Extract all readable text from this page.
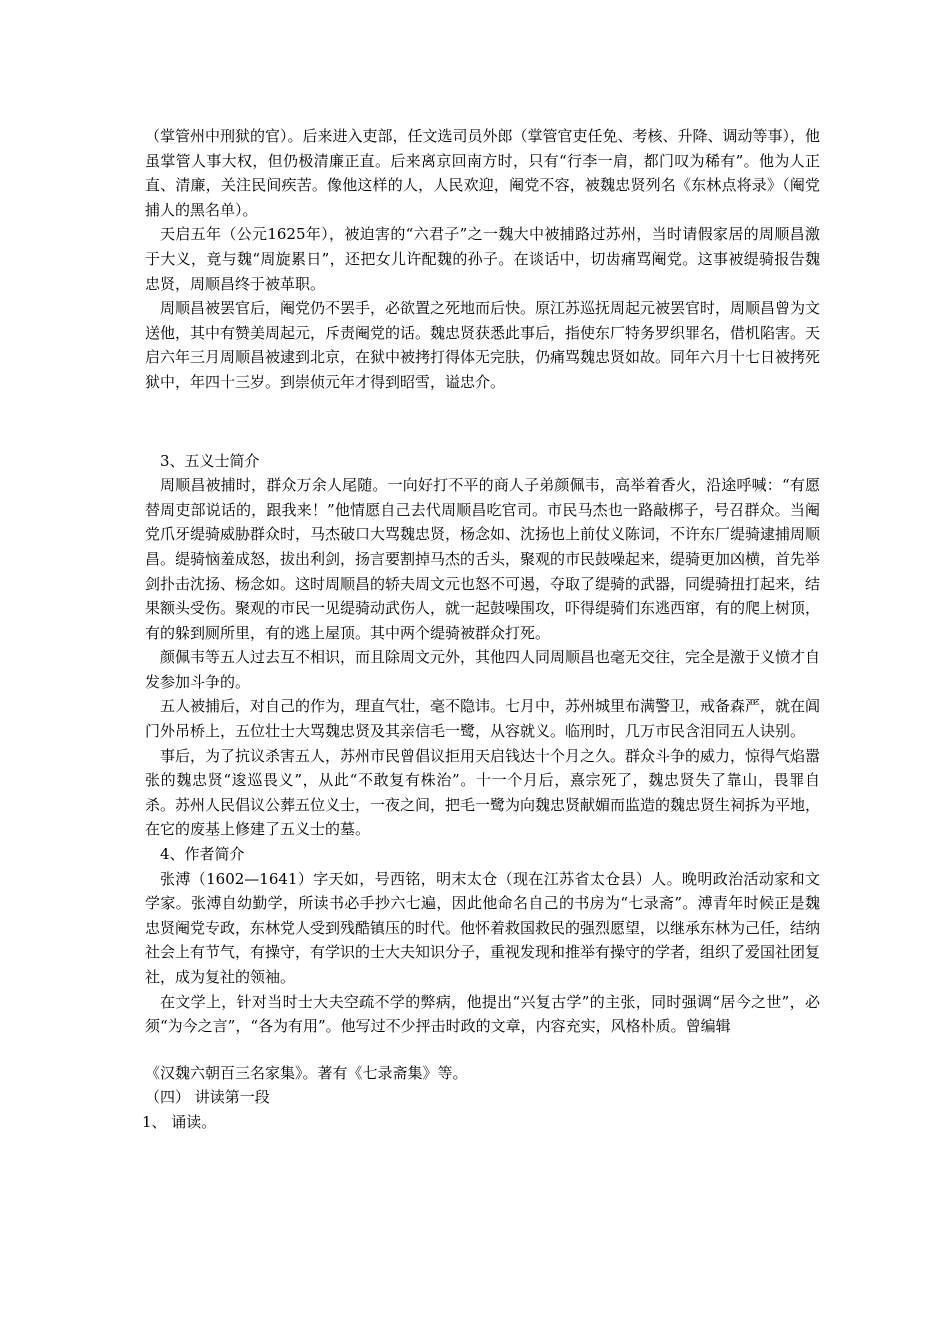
（掌管州中刑狱的官）。后来进入吏部，任文选司员外郎（掌管官吏任免、考核、升降、调动等事），他虽掌管人事大权，但仍极清廉正直。后来离京回南方时，只有“行李一肩，都门叹为稀有”。他为人正直、清廉，关注民间疾苦。像他这样的人，人民欢迎，阉党不容，被魏忠贤列名《东林点将录》（阉党捕人的黑名单）。

天启五年（公元1625年），被迫害的“六君子”之一魏大中被捕路过苏州，当时请假家居的周顺昌激于大义，竟与魏“周旋累日”，还把女儿许配魏的孙子。在谈话中，切齿痛骂阉党。这事被缇骑报告魏忠贤，周顺昌终于被革职。

周顺昌被罢官后，阉党仍不罢手，必欲置之死地而后快。原江苏巡抚周起元被罢官时，周顺昌曾为文送他，其中有赞美周起元，斥责阉党的话。魏忠贤获悉此事后，指使东厂特务罗织罪名，借机陷害。天启六年三月周顺昌被逮到北京，在狱中被拷打得体无完肤，仍痛骂魏忠贤如故。同年六月十七日被拷死狱中，年四十三岁。到崇侦元年才得到昭雪，谥忠介。

3、五义士简介

周顺昌被捕时，群众万余人尾随。一向好打不平的商人子弟颜佩韦，高举着香火，沿途呼喊：“有愿替周吏部说话的，跟我来！”他情愿自己去代周顺昌吃官司。市民马杰也一路敲梆子，号召群众。当阉党爪牙缇骑威胁群众时，马杰破口大骂魏忠贤，杨念如、沈扬也上前仗义陈词，不许东厂缇骑逮捕周顺昌。缇骑恼羞成怒，拔出利剑，扬言要割掉马杰的舌头，聚观的市民鼓噪起来，缇骑更加凶横，首先举剑扑击沈扬、杨念如。这时周顺昌的轿夫周文元也怒不可遏，夺取了缇骑的武器，同缇骑扭打起来，结果额头受伤。聚观的市民一见缇骑动武伤人，就一起鼓噪围攻，吓得缇骑们东逃西窜，有的爬上树顶，有的躲到厕所里，有的逃上屋顶。其中两个缇骑被群众打死。

颜佩韦等五人过去互不相识，而且除周文元外，其他四人同周顺昌也毫无交往，完全是激于义愤才自发参加斗争的。

五人被捕后，对自己的作为，理直气壮，毫不隐讳。七月中，苏州城里布满警卫，戒备森严，就在阊门外吊桥上，五位壮士大骂魏忠贤及其亲信毛一鹭，从容就义。临刑时，几万市民含泪同五人诀别。

事后，为了抗议杀害五人，苏州市民曾倡议拒用天启钱达十个月之久。群众斗争的威力，惊得气焰嚣张的魏忠贤“逡巡畏义”，从此“不敢复有株治”。十一个月后，熹宗死了，魏忠贤失了靠山，畏罪自杀。苏州人民倡议公葬五位义士，一夜之间，把毛一鹭为向魏忠贤献媚而监造的魏忠贤生祠拆为平地，在它的废基上修建了五义士的墓。

4、作者简介

张溥（1602—1641）字天如，号西铭，明末太仓（现在江苏省太仓县）人。晚明政治活动家和文学家。张溥自幼勤学，所读书必手抄六七遍，因此他命名自己的书房为“七录斋”。溥青年时候正是魏忠贤阉党专政，东林党人受到残酷镇压的时代。他怀着救国救民的强烈愿望，以继承东林为己任，结纳社会上有节气，有操守，有学识的士大夫知识分子，重视发现和推举有操守的学者，组织了爱国社团复社，成为复社的领袖。

在文学上，针对当时士大夫空疏不学的弊病，他提出“兴复古学”的主张，同时强调“居今之世”，必须“为今之言”，“各为有用”。他写过不少抨击时政的文章，内容充实，风格朴质。曾编辑

《汉魏六朝百三名家集》。著有《七录斋集》等。

（四） 讲读第一段

1、 诵读。
